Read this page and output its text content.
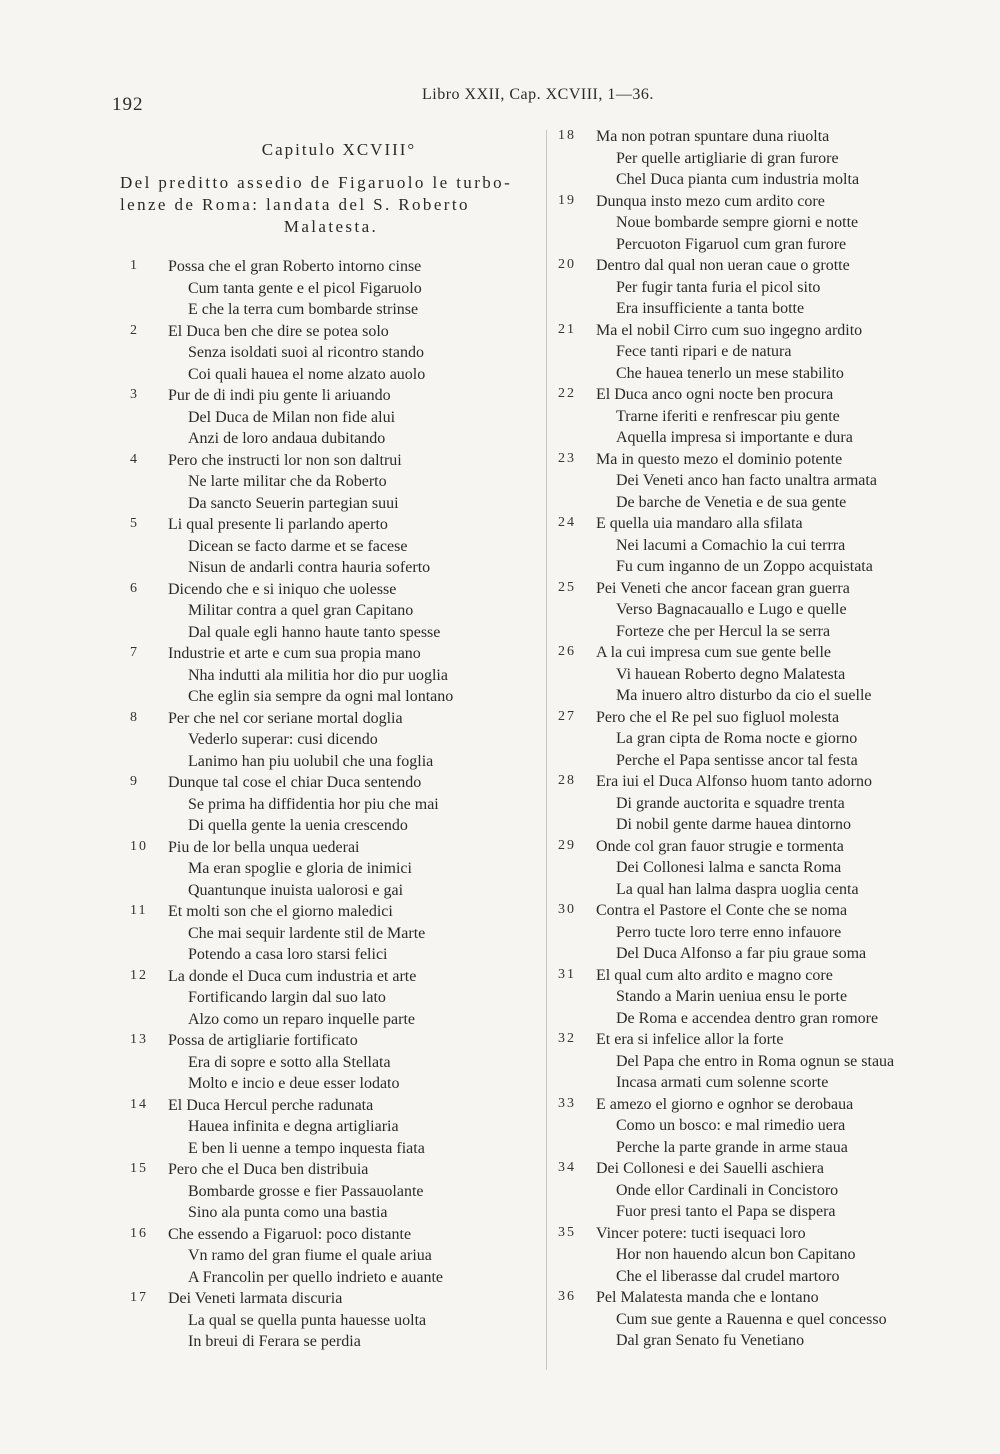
192	Libro XXII, Cap. XCVIII, 1—36.
Capitulo XCVIII°
Del preditto assedio de Figaruolo le turbo-
lenze de Roma: landata del S. Roberto
Malatesta.
1	Possa che el gran Roberto intorno cinse
Cum tanta gente e el picol Figaruolo
E che la terra cum bombarde strinse
2	El Duca ben che dire se potea solo
Senza isoldati suoi al ricontro stando
Coi quali hauea el nome alzato auolo
3	Pur de di indi piu gente li ariuando
Del Duca de Milan non fide alui
Anzi de loro andaua dubitando
4	Pero che instructi lor non son daltrui
Ne larte militar che da Roberto
Da sancto Seuerin partegian suui
5	Li qual presente li parlando aperto
Dicean se facto darme et se facese
Nisun de andarli contra hauria soferto
6	Dicendo che e si iniquo che uolesse
Militar contra a quel gran Capitano
Dal quale egli hanno haute tanto spesse
7	Industrie et arte e cum sua propia mano
Nha indutti ala militia hor dio pur uoglia
Che eglin sia sempre da ogni mal lontano
8	Per che nel cor seriane mortal doglia
Vederlo superar: cusi dicendo
Lanimo han piu uolubil che una foglia
9	Dunque tal cose el chiar Duca sentendo
Se prima ha diffidentia hor piu che mai
Di quella gente la uenia crescendo
10	Piu de lor bella unqua uederai
Ma eran spoglie e gloria de inimici
Quantunque inuista ualorosi e gai
11	Et molti son che el giorno maledici
Che mai sequir lardente stil de Marte
Potendo a casa loro starsi felici
12	La donde el Duca cum industria et arte
Fortificando largin dal suo lato
Alzo como un reparo inquelle parte
13	Possa de artigliarie fortificato
Era di sopre e sotto alla Stellata
Molto e incio e deue esser lodato
14	El Duca Hercul perche radunata
Hauea infinita e degna artigliaria
E ben li uenne a tempo inquesta fiata
15	Pero che el Duca ben distribuia
Bombarde grosse e fier Passauolante
Sino ala punta como una bastia
16	Che essendo a Figaruol: poco distante
Vn ramo del gran fiume el quale ariua
A Francolin per quello indrieto e auante
17	Dei Veneti larmata discuria
La qual se quella punta hauesse uolta
In breui di Ferara se perdia
18	Ma non potran spuntare duna riuolta
Per quelle artigliarie di gran furore
Chel Duca pianta cum industria molta
19	Dunqua insto mezo cum ardito core
Noue bombarde sempre giorni e notte
Percuoton Figaruol cum gran furore
20	Dentro dal qual non ueran caue o grotte
Per fugir tanta furia el picol sito
Era insufficiente a tanta botte
21	Ma el nobil Cirro cum suo ingegno ardito
Fece tanti ripari e de natura
Che hauea tenerlo un mese stabilito
22	El Duca anco ogni nocte ben procura
Trarne iferiti e renfrescar piu gente
Aquella impresa si importante e dura
23	Ma in questo mezo el dominio potente
Dei Veneti anco han facto unaltra armata
De barche de Venetia e de sua gente
24	E quella uia mandaro alla sfilata
Nei lacumi a Comachio la cui terrra
Fu cum inganno de un Zoppo acquistata
25	Pei Veneti che ancor facean gran guerra
Verso Bagnacauallo e Lugo e quelle
Forteze che per Hercul la se serra
26	A la cui impresa cum sue gente belle
Vi hauean Roberto degno Malatesta
Ma inuero altro disturbo da cio el suelle
27	Pero che el Re pel suo figluol molesta
La gran cipta de Roma nocte e giorno
Perche el Papa sentisse ancor tal festa
28	Era iui el Duca Alfonso huom tanto adorno
Di grande auctorita e squadre trenta
Di nobil gente darme hauea dintorno
29	Onde col gran fauor strugie e tormenta
Dei Collonesi lalma e sancta Roma
La qual han lalma daspra uoglia centa
30	Contra el Pastore el Conte che se noma
Perro tucte loro terre enno infauore
Del Duca Alfonso a far piu graue soma
31	El qual cum alto ardito e magno core
Stando a Marin ueniua ensu le porte
De Roma e accendea dentro gran romore
32	Et era si infelice allor la forte
Del Papa che entro in Roma ognun se staua
Incasa armati cum solenne scorte
33	E amezo el giorno e ognhor se derobaua
Como un bosco: e mal rimedio uera
Perche la parte grande in arme staua
34	Dei Collonesi e dei Sauelli aschiera
Onde ellor Cardinali in Concistoro
Fuor presi tanto el Papa se dispera
35	Vincer potere: tucti isequaci loro
Hor non hauendo alcun bon Capitano
Che el liberasse dal crudel martoro
36	Pel Malatesta manda che e lontano
Cum sue gente a Rauenna e quel concesso
Dal gran Senato fu Venetiano
